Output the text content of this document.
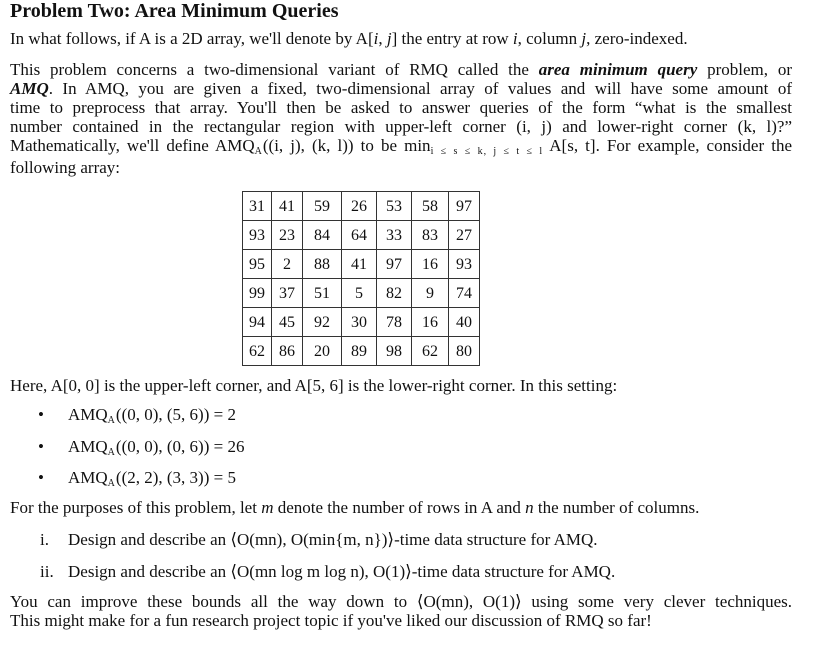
Problem Two: Area Minimum Queries
In what follows, if A is a 2D array, we'll denote by A[i, j] the entry at row i, column j, zero-indexed.
This problem concerns a two-dimensional variant of RMQ called the area minimum query problem, or
AMQ. In AMQ, you are given a fixed, two-dimensional array of values and will have some amount of
time to preprocess that array. You'll then be asked to answer queries of the form “what is the smallest
number contained in the rectangular region with upper-left corner (i, j) and lower-right corner (k, l)?”
Mathematically, we'll define AMQA((i, j), (k, l)) to be mini ≤ s ≤ k, j ≤ t ≤ l A[s, t]. For example, consider the
following array:
31	41	59	26	53	58	97
93	23	84	64	33	83	27
95	2	88	41	97	16	93
99	37	51	5	82	9	74
94	45	92	30	78	16	40
62	86	20	89	98	62	80
Here, A[0, 0] is the upper-left corner, and A[5, 6] is the lower-right corner. In this setting:
• AMQA((0, 0), (5, 6)) = 2
• AMQA((0, 0), (0, 6)) = 26
• AMQA((2, 2), (3, 3)) = 5
For the purposes of this problem, let m denote the number of rows in A and n the number of columns.
i. Design and describe an ⟨O(mn), O(min{m, n})⟩-time data structure for AMQ.
ii. Design and describe an ⟨O(mn log m log n), O(1)⟩-time data structure for AMQ.
You can improve these bounds all the way down to ⟨O(mn), O(1)⟩ using some very clever techniques.
This might make for a fun research project topic if you've liked our discussion of RMQ so far!
